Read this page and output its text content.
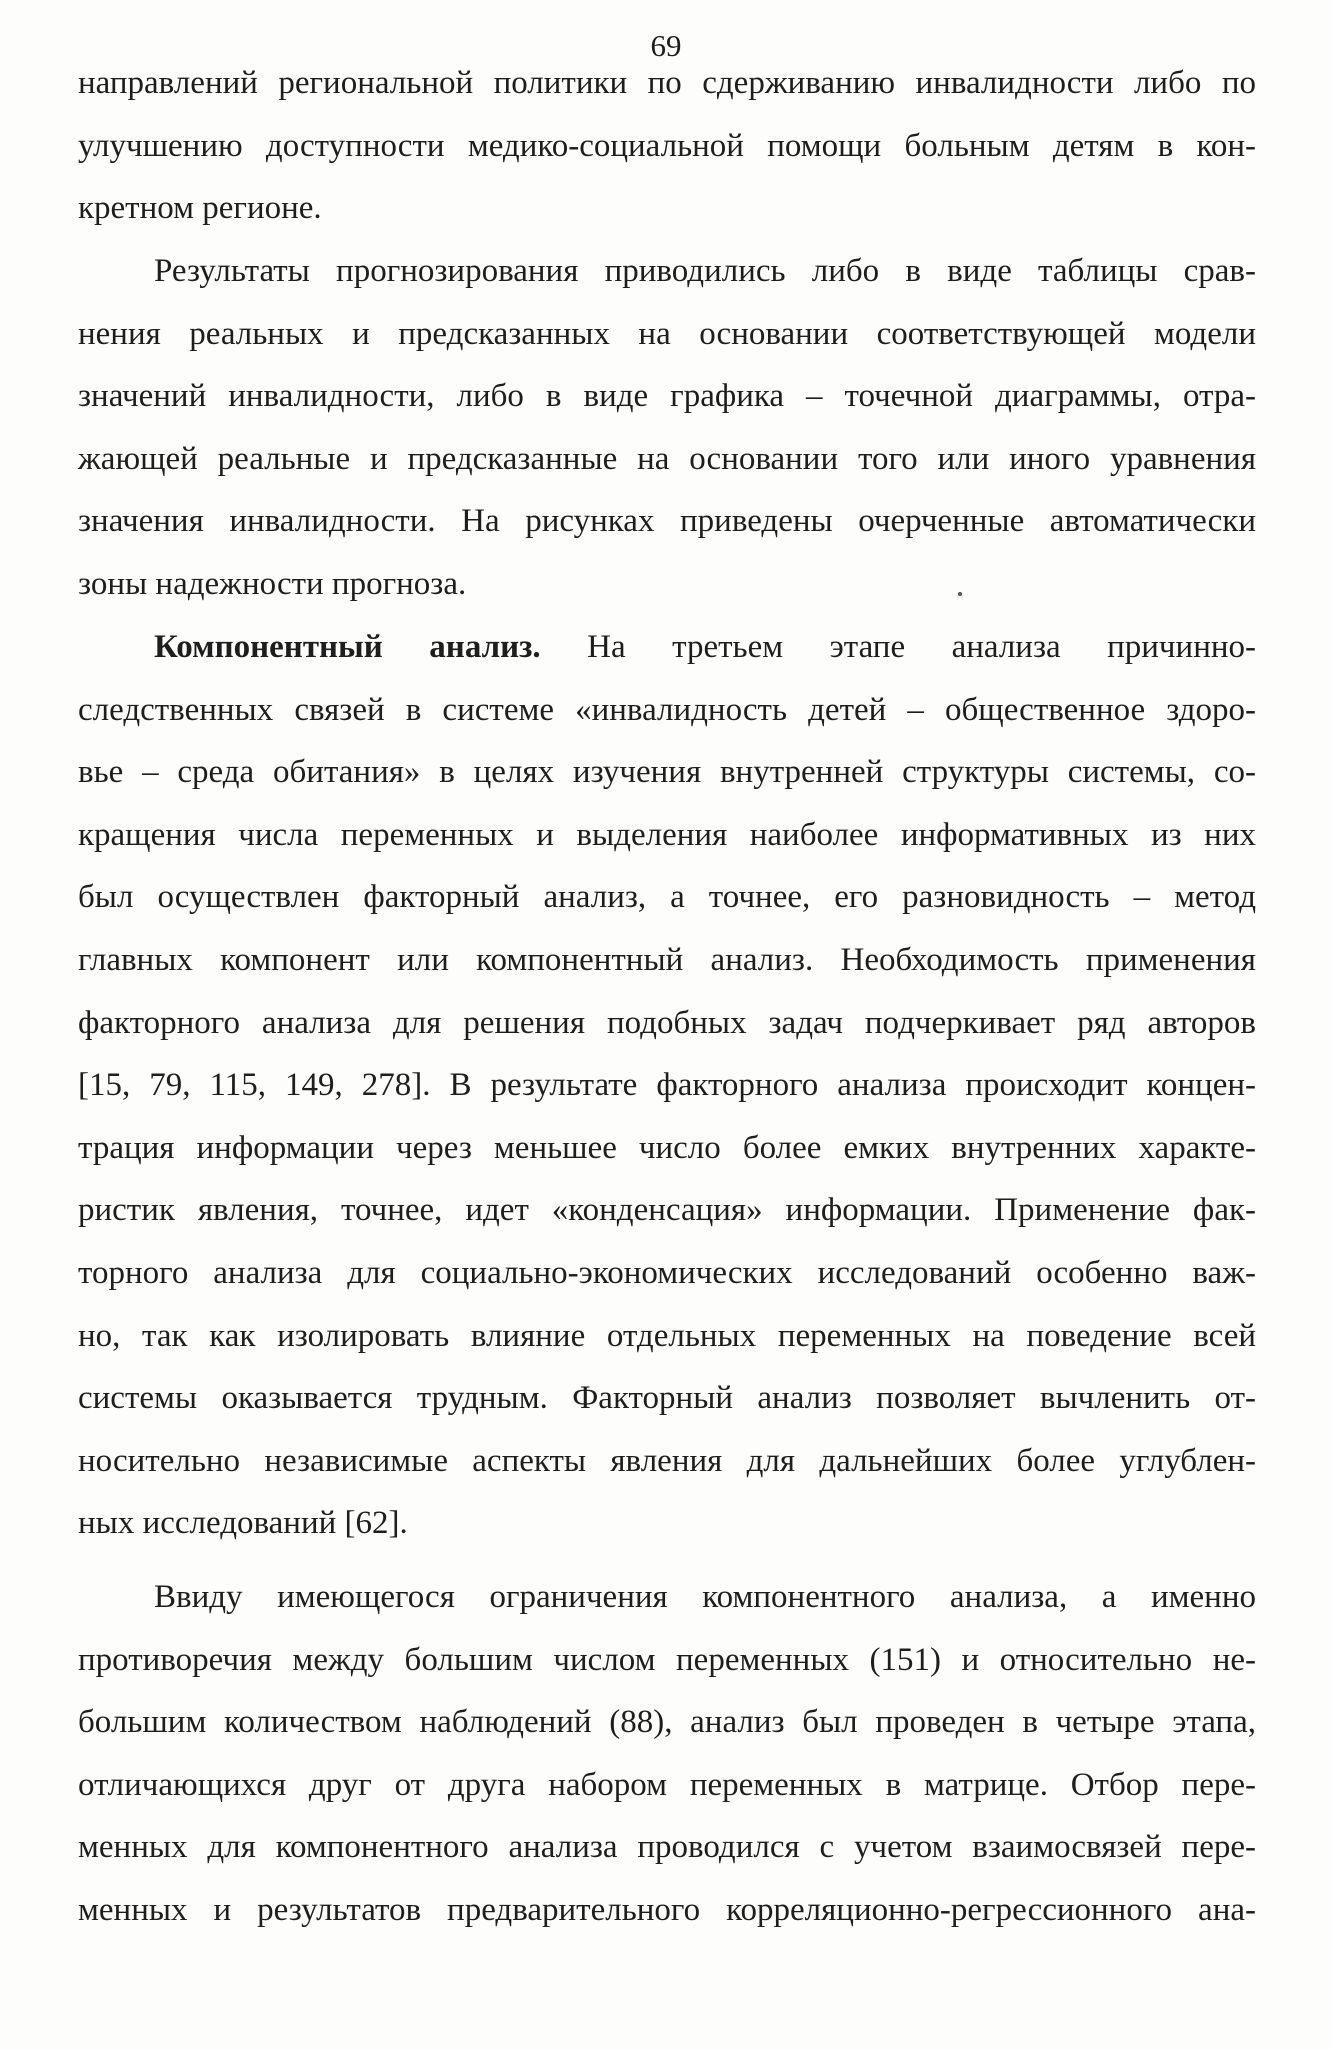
69

направлений региональной политики по сдерживанию инвалидности либо по
улучшению доступности медико-социальной помощи больным детям в кон-
кретном регионе.

Результаты прогнозирования приводились либо в виде таблицы срав-
нения реальных и предсказанных на основании соответствующей модели
значений инвалидности, либо в виде графика – точечной диаграммы, отра-
жающей реальные и предсказанные на основании того или иного уравнения
значения инвалидности. На рисунках приведены очерченные автоматически
зоны надежности прогноза.

Компонентный анализ. На третьем этапе анализа причинно-
следственных связей в системе «инвалидность детей – общественное здоро-
вье – среда обитания» в целях изучения внутренней структуры системы, со-
кращения числа переменных и выделения наиболее информативных из них
был осуществлен факторный анализ, а точнее, его разновидность – метод
главных компонент или компонентный анализ. Необходимость применения
факторного анализа для решения подобных задач подчеркивает ряд авторов
[15, 79, 115, 149, 278]. В результате факторного анализа происходит концен-
трация информации через меньшее число более емких внутренних характе-
ристик явления, точнее, идет «конденсация» информации. Применение фак-
торного анализа для социально-экономических исследований особенно важ-
но, так как изолировать влияние отдельных переменных на поведение всей
системы оказывается трудным. Факторный анализ позволяет вычленить от-
носительно независимые аспекты явления для дальнейших более углублен-
ных исследований [62].

Ввиду имеющегося ограничения компонентного анализа, а именно
противоречия между большим числом переменных (151) и относительно не-
большим количеством наблюдений (88), анализ был проведен в четыре этапа,
отличающихся друг от друга набором переменных в матрице. Отбор пере-
менных для компонентного анализа проводился с учетом взаимосвязей пере-
менных и результатов предварительного корреляционно-регрессионного ана-
